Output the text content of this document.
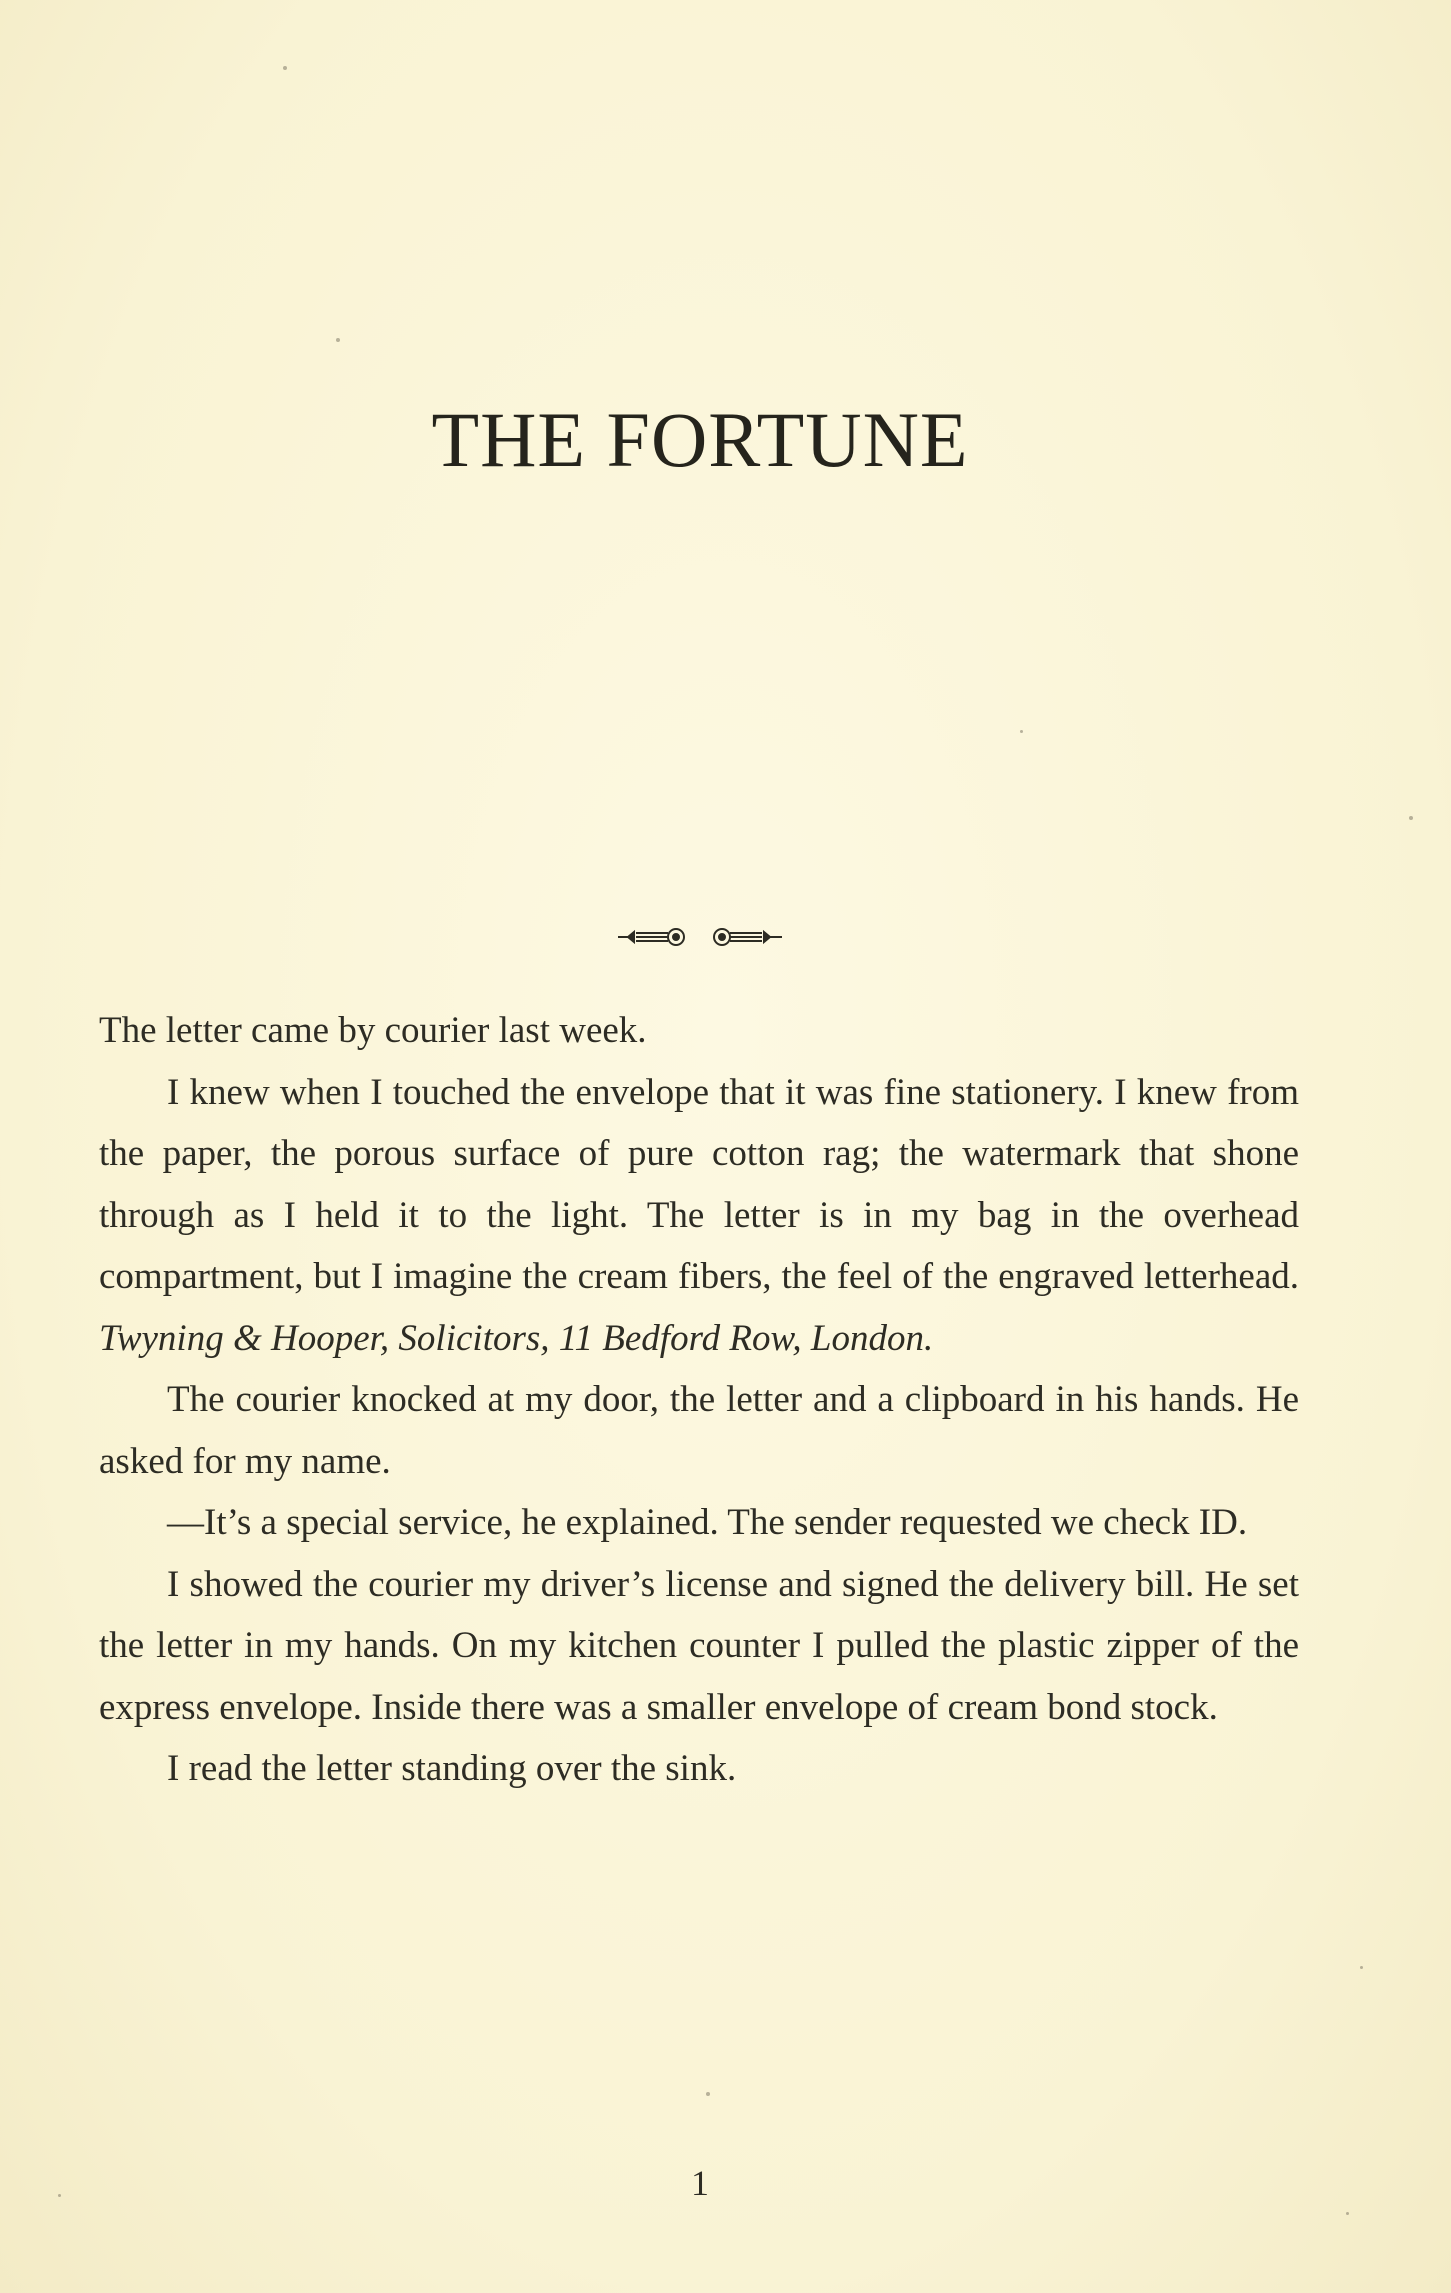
THE FORTUNE

The letter came by courier last week.

I knew when I touched the envelope that it was fine stationery. I knew from the paper, the porous surface of pure cotton rag; the watermark that shone through as I held it to the light. The letter is in my bag in the overhead compartment, but I imagine the cream fibers, the feel of the engraved letterhead. Twyning & Hooper, Solicitors, 11 Bedford Row, London.

The courier knocked at my door, the letter and a clipboard in his hands. He asked for my name.

—It’s a special service, he explained. The sender requested we check ID.

I showed the courier my driver’s license and signed the delivery bill. He set the letter in my hands. On my kitchen counter I pulled the plastic zipper of the express envelope. Inside there was a smaller envelope of cream bond stock.

I read the letter standing over the sink.

1
